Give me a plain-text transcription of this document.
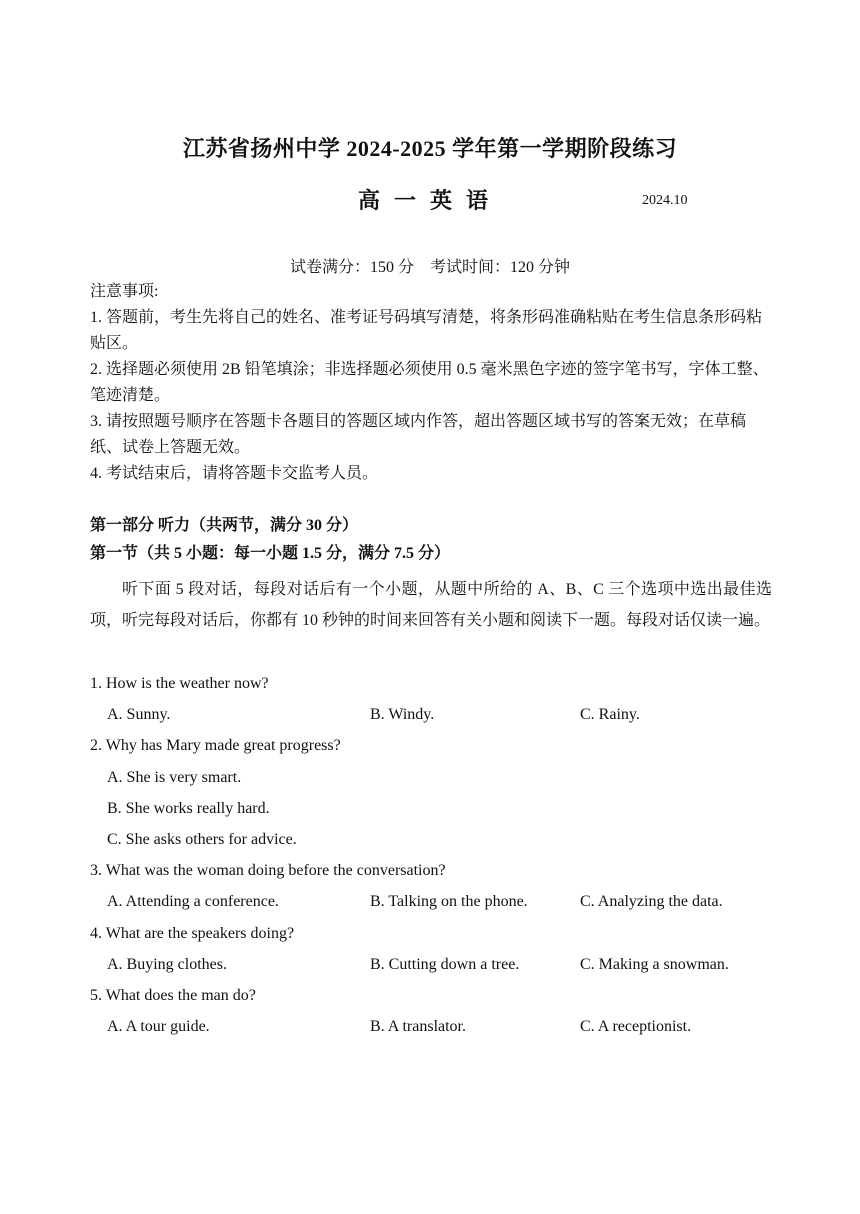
江苏省扬州中学 2024-2025 学年第一学期阶段练习
高一英语	2024.10
试卷满分：150 分　考试时间：120 分钟
注意事项:
1. 答题前，考生先将自己的姓名、准考证号码填写清楚，将条形码准确粘贴在考生信息条形码粘贴区。
2. 选择题必须使用 2B 铅笔填涂；非选择题必须使用 0.5 毫米黑色字迹的签字笔书写，字体工整、笔迹清楚。
3. 请按照题号顺序在答题卡各题目的答题区域内作答，超出答题区域书写的答案无效；在草稿纸、试卷上答题无效。
4. 考试结束后，请将答题卡交监考人员。
第一部分 听力（共两节，满分 30 分）
第一节（共 5 小题：每一小题 1.5 分，满分 7.5 分）
听下面 5 段对话，每段对话后有一个小题，从题中所给的 A、B、C 三个选项中选出最佳选项，听完每段对话后，你都有 10 秒钟的时间来回答有关小题和阅读下一题。每段对话仅读一遍。
1. How is the weather now?
A. Sunny.	B. Windy.	C. Rainy.
2. Why has Mary made great progress?
A. She is very smart.
B. She works really hard.
C. She asks others for advice.
3. What was the woman doing before the conversation?
A. Attending a conference.	B. Talking on the phone.	C. Analyzing the data.
4. What are the speakers doing?
A. Buying clothes.	B. Cutting down a tree.	C. Making a snowman.
5. What does the man do?
A. A tour guide.	B. A translator.	C. A receptionist.
